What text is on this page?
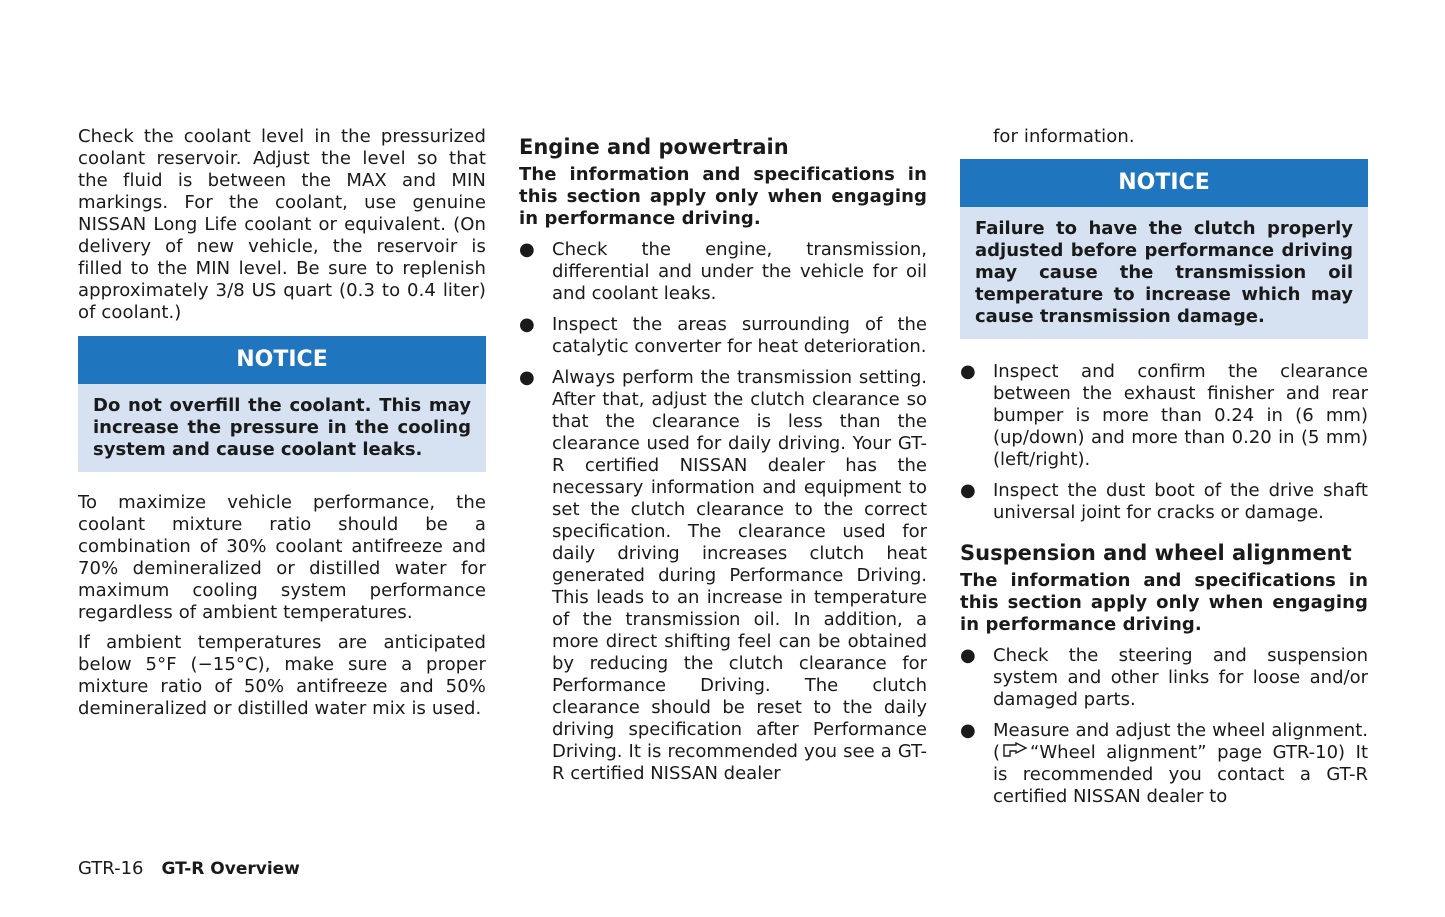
Check the coolant level in the pressurized coolant reservoir. Adjust the level so that the fluid is between the MAX and MIN markings. For the coolant, use genuine NISSAN Long Life coolant or equivalent. (On delivery of new vehicle, the reservoir is filled to the MIN level. Be sure to replenish approximately 3/8 US quart (0.3 to 0.4 liter) of coolant.)

NOTICE
Do not overfill the coolant. This may increase the pressure in the cooling system and cause coolant leaks.

To maximize vehicle performance, the coolant mixture ratio should be a combination of 30% coolant antifreeze and 70% demineralized or distilled water for maximum cooling system performance regardless of ambient temperatures.

If ambient temperatures are anticipated below 5°F (−15°C), make sure a proper mixture ratio of 50% antifreeze and 50% demineralized or distilled water mix is used.

Engine and powertrain

The information and specifications in this section apply only when engaging in performance driving.

● Check the engine, transmission, differential and under the vehicle for oil and coolant leaks.
● Inspect the areas surrounding of the catalytic converter for heat deterioration.
● Always perform the transmission setting. After that, adjust the clutch clearance so that the clearance is less than the clearance used for daily driving. Your GT-R certified NISSAN dealer has the necessary information and equipment to set the clutch clearance to the correct specification. The clearance used for daily driving increases clutch heat generated during Performance Driving. This leads to an increase in temperature of the transmission oil. In addition, a more direct shifting feel can be obtained by reducing the clutch clearance for Performance Driving. The clutch clearance should be reset to the daily driving specification after Performance Driving. It is recommended you see a GT-R certified NISSAN dealer

for information.

NOTICE
Failure to have the clutch properly adjusted before performance driving may cause the transmission oil temperature to increase which may cause transmission damage.
● Inspect and confirm the clearance between the exhaust finisher and rear bumper is more than 0.24 in (6 mm) (up/down) and more than 0.20 in (5 mm) (left/right).
● Inspect the dust boot of the drive shaft universal joint for cracks or damage.
Suspension and wheel alignment

The information and specifications in this section apply only when engaging in performance driving.

● Check the steering and suspension system and other links for loose and/or damaged parts.
● Measure and adjust the wheel alignment. ( “Wheel alignment” page GTR-10) It is recommended you contact a GT-R certified NISSAN dealer to
GTR-16 GT-R Overview
